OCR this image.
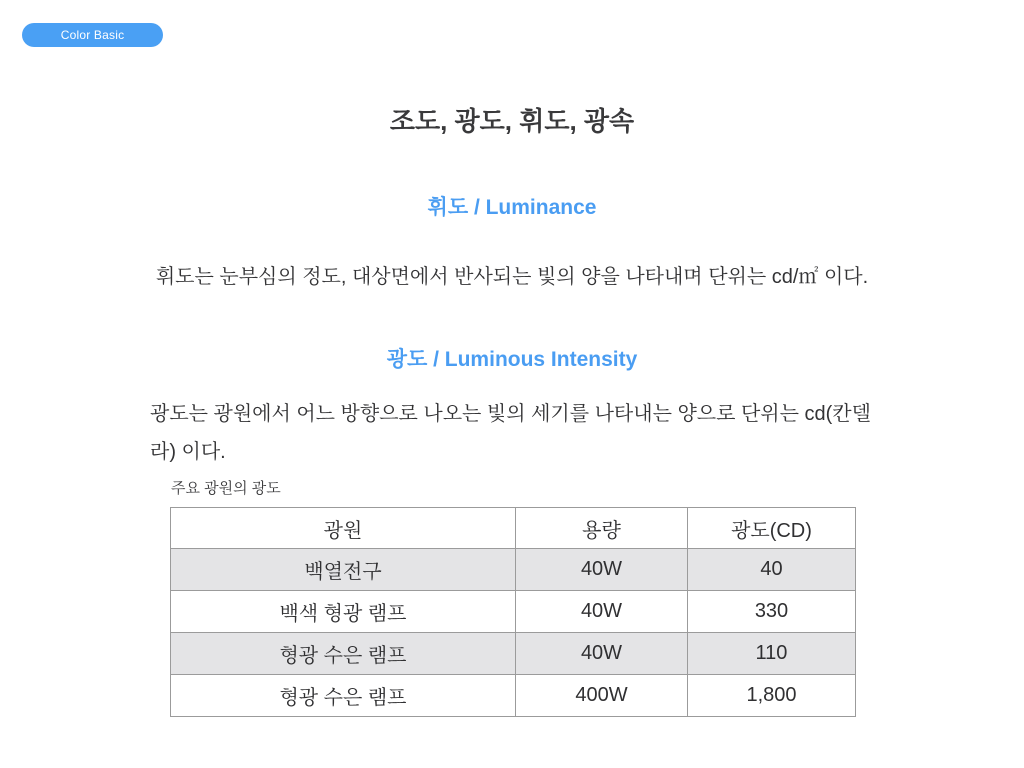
Color Basic
조도, 광도, 휘도, 광속
휘도 / Luminance

휘도는 눈부심의 정도, 대상면에서 반사되는 빛의 양을 나타내며 단위는 cd/㎡ 이다.

광도 / Luminous Intensity

광도는 광원에서 어느 방향으로 나오는 빛의 세기를 나타내는 양으로 단위는 cd(칸델라) 이다.

주요 광원의 광도
광원	용량	광도(CD)
백열전구	40W	40
백색 형광 램프	40W	330
형광 수은 램프	40W	110
형광 수은 램프	400W	1,800
